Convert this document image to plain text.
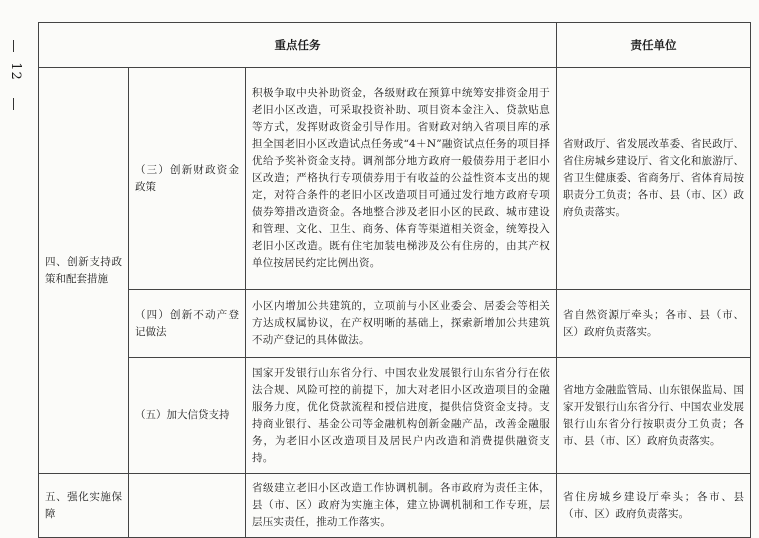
12
重点任务			责任单位
四、创新支持政策和配套措施	（三）创新财政资金政策	积极争取中央补助资金，各级财政在预算中统筹安排资金用于老旧小区改造，可采取投资补助、项目资本金注入、贷款贴息等方式，发挥财政资金引导作用。省财政对纳入省项目库的承担全国老旧小区改造试点任务或“4＋N”融资试点任务的项目择优给予奖补资金支持。调剂部分地方政府一般债券用于老旧小区改造；严格执行专项债券用于有收益的公益性资本支出的规定，对符合条件的老旧小区改造项目可通过发行地方政府专项债券筹措改造资金。各地整合涉及老旧小区的民政、城市建设和管理、文化、卫生、商务、体育等渠道相关资金，统筹投入老旧小区改造。既有住宅加装电梯涉及公有住房的，由其产权单位按居民约定比例出资。	省财政厅、省发展改革委、省民政厅、省住房城乡建设厅、省文化和旅游厅、省卫生健康委、省商务厅、省体育局按职责分工负责；各市、县（市、区）政府负责落实。
	（四）创新不动产登记做法	小区内增加公共建筑的，立项前与小区业委会、居委会等相关方达成权属协议，在产权明晰的基础上，探索新增加公共建筑不动产登记的具体做法。	省自然资源厅牵头；各市、县（市、区）政府负责落实。
	（五）加大信贷支持	国家开发银行山东省分行、中国农业发展银行山东省分行在依法合规、风险可控的前提下，加大对老旧小区改造项目的金融服务力度，优化贷款流程和授信进度，提供信贷资金支持。支持商业银行、基金公司等金融机构创新金融产品，改善金融服务，为老旧小区改造项目及居民户内改造和消费提供融资支持。	省地方金融监管局、山东银保监局、国家开发银行山东省分行、中国农业发展银行山东省分行按职责分工负责；各市、县（市、区）政府负责落实。
五、强化实施保障		省级建立老旧小区改造工作协调机制。各市政府为责任主体，县（市、区）政府为实施主体，建立协调机制和工作专班，层层压实责任，推动工作落实。	省住房城乡建设厅牵头；各市、县（市、区）政府负责落实。
